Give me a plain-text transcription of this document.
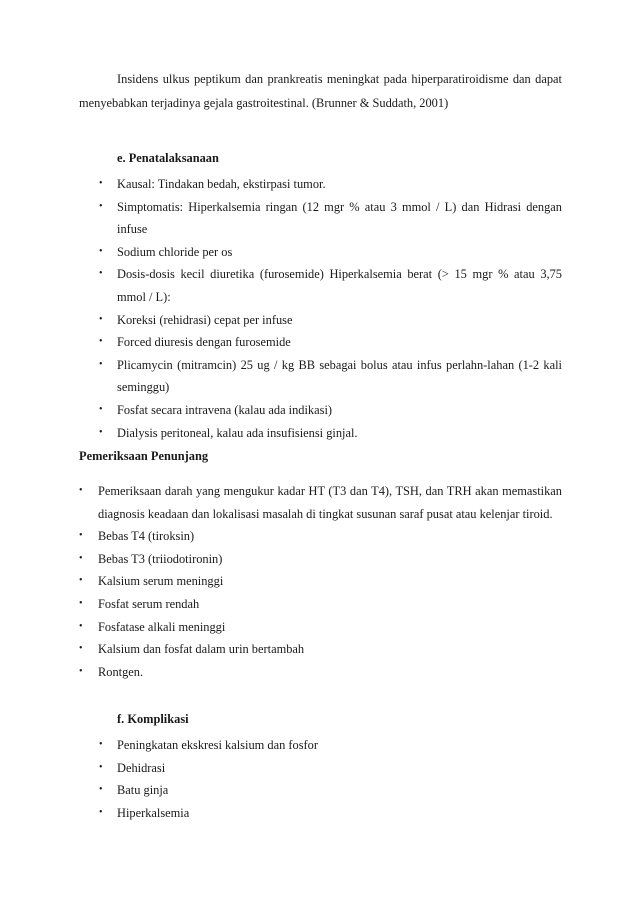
Insidens ulkus peptikum dan prankreatis meningkat pada hiperparatiroidisme dan dapat menyebabkan terjadinya gejala gastroitestinal. (Brunner & Suddath, 2001)

e. Penatalaksanaan
• Kausal: Tindakan bedah, ekstirpasi tumor.
• Simptomatis: Hiperkalsemia ringan (12 mgr % atau 3 mmol / L) dan Hidrasi dengan infuse
• Sodium chloride per os
• Dosis-dosis kecil diuretika (furosemide) Hiperkalsemia berat (> 15 mgr % atau 3,75 mmol / L):
• Koreksi (rehidrasi) cepat per infuse
• Forced diuresis dengan furosemide
• Plicamycin (mitramcin) 25 ug / kg BB sebagai bolus atau infus perlahn-lahan (1-2 kali seminggu)
• Fosfat secara intravena (kalau ada indikasi)
• Dialysis peritoneal, kalau ada insufisiensi ginjal.
Pemeriksaan Penunjang
• Pemeriksaan darah yang mengukur kadar HT (T3 dan T4), TSH, dan TRH akan memastikan diagnosis keadaan dan lokalisasi masalah di tingkat susunan saraf pusat atau kelenjar tiroid.
• Bebas T4 (tiroksin)
• Bebas T3 (triiodotironin)
• Kalsium serum meninggi
• Fosfat serum rendah
• Fosfatase alkali meninggi
• Kalsium dan fosfat dalam urin bertambah
• Rontgen.
f. Komplikasi
• Peningkatan ekskresi kalsium dan fosfor
• Dehidrasi
• Batu ginja
• Hiperkalsemia
